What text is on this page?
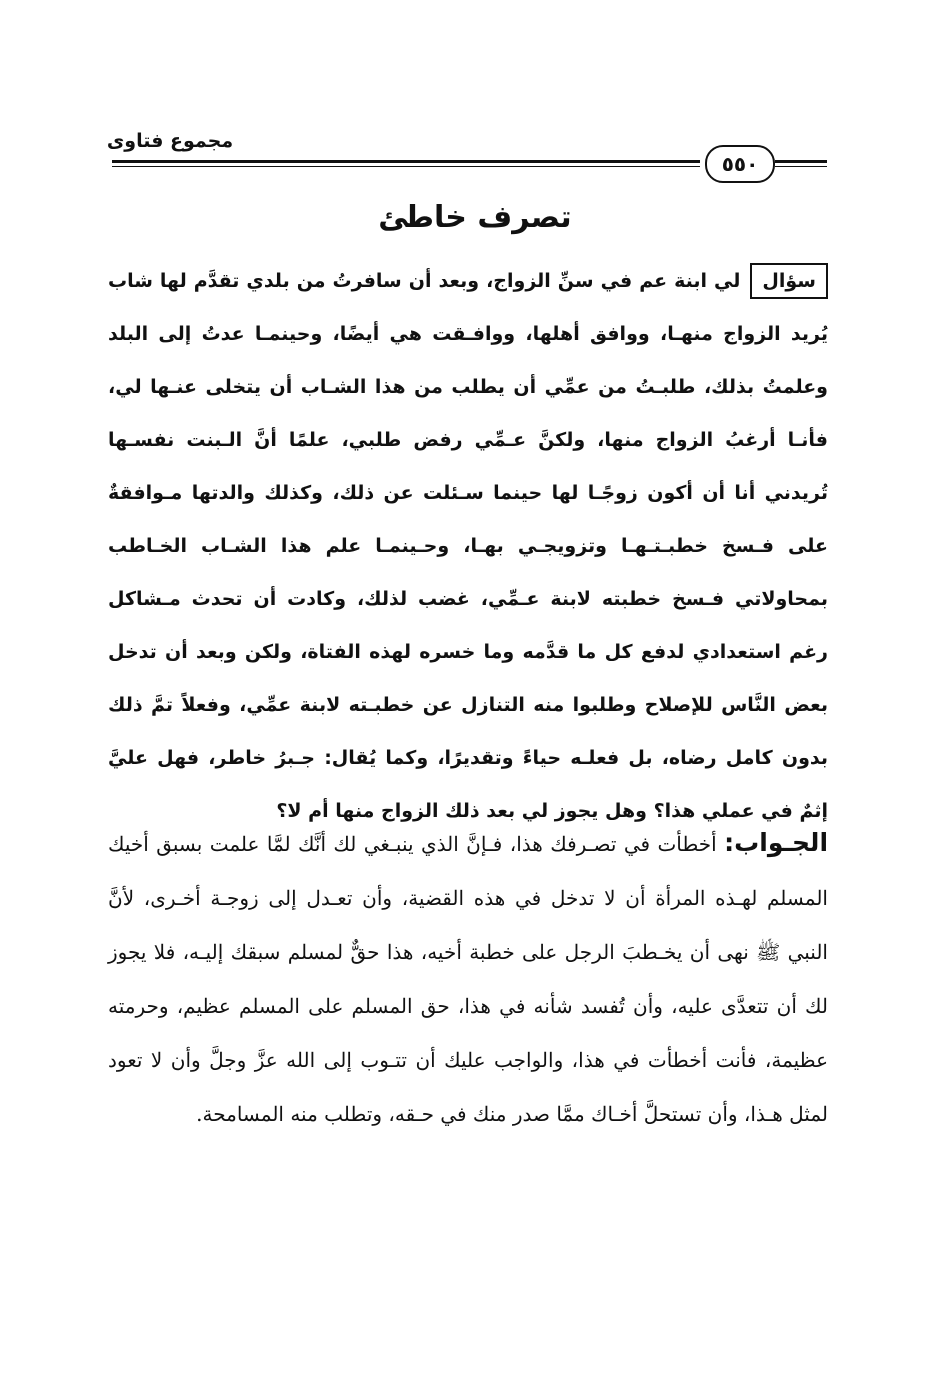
مجموع فتاوى
٥٥٠
تصرف خاطئ
سؤاللي ابنة عم في سنِّ الزواج، وبعد أن سافرتُ من بلدي تقدَّم لها شاب يُريد الزواج منهـا، ووافق أهلها، ووافـقت هي أيضًا، وحينمـا عدتُ إلى البلد وعلمتُ بذلك، طلبـتُ من عمِّي أن يطلب من هذا الشـاب أن يتخلى عنـها لي، فأنـا أرغبُ الزواج منها، ولكنَّ عـمِّي رفض طلبي، علمًا أنَّ الـبنت نفسـها تُريدني أنا أن أكون زوجًـا لها حينما سـئلت عن ذلك، وكذلك والدتها مـوافقةٌ على فـسخ خطبـتـهـا وتزويجـي بهـا، وحـينمـا علم هذا الشـاب الخـاطب بمحاولاتي فـسخ خطبته لابنة عـمِّي، غضب لذلك، وكادت أن تحدث مـشاكل رغم استعدادي لدفع كل ما قدَّمه وما خسره لهذه الفتاة، ولكن وبعد أن تدخل بعض النَّاس للإصلاح وطلبوا منه التنازل عن خطبـته لابنة عمِّي، وفعلاً تمَّ ذلك بدون كامل رضاه، بل فعلـه حياءً وتقديرًا، وكما يُقال: جـبرُ خاطر، فهل عليَّ إثمٌ في عملي هذا؟ وهل يجوز لي بعد ذلك الزواج منها أم لا؟
الجـواب: أخطأت في تصـرفك هذا، فـإنَّ الذي ينبـغي لك أنَّك لمَّا علمت بسبق أخيك المسلم لهـذه المرأة أن لا تدخل في هذه القضية، وأن تعـدل إلى زوجـة أخـرى، لأنَّ النبي ﷺ نهى أن يخـطبَ الرجل على خطبة أخيه، هذا حقٌّ لمسلم سبقك إليـه، فلا يجوز لك أن تتعدَّى عليه، وأن تُفسد شأنه في هذا، حق المسلم على المسلم عظيم، وحرمته عظيمة، فأنت أخطأت في هذا، والواجب عليك أن تتـوب إلى الله عزَّ وجلَّ وأن لا تعود لمثل هـذا، وأن تستحلَّ أخـاك ممَّا صدر منك في حـقه، وتطلب منه المسامحة.
